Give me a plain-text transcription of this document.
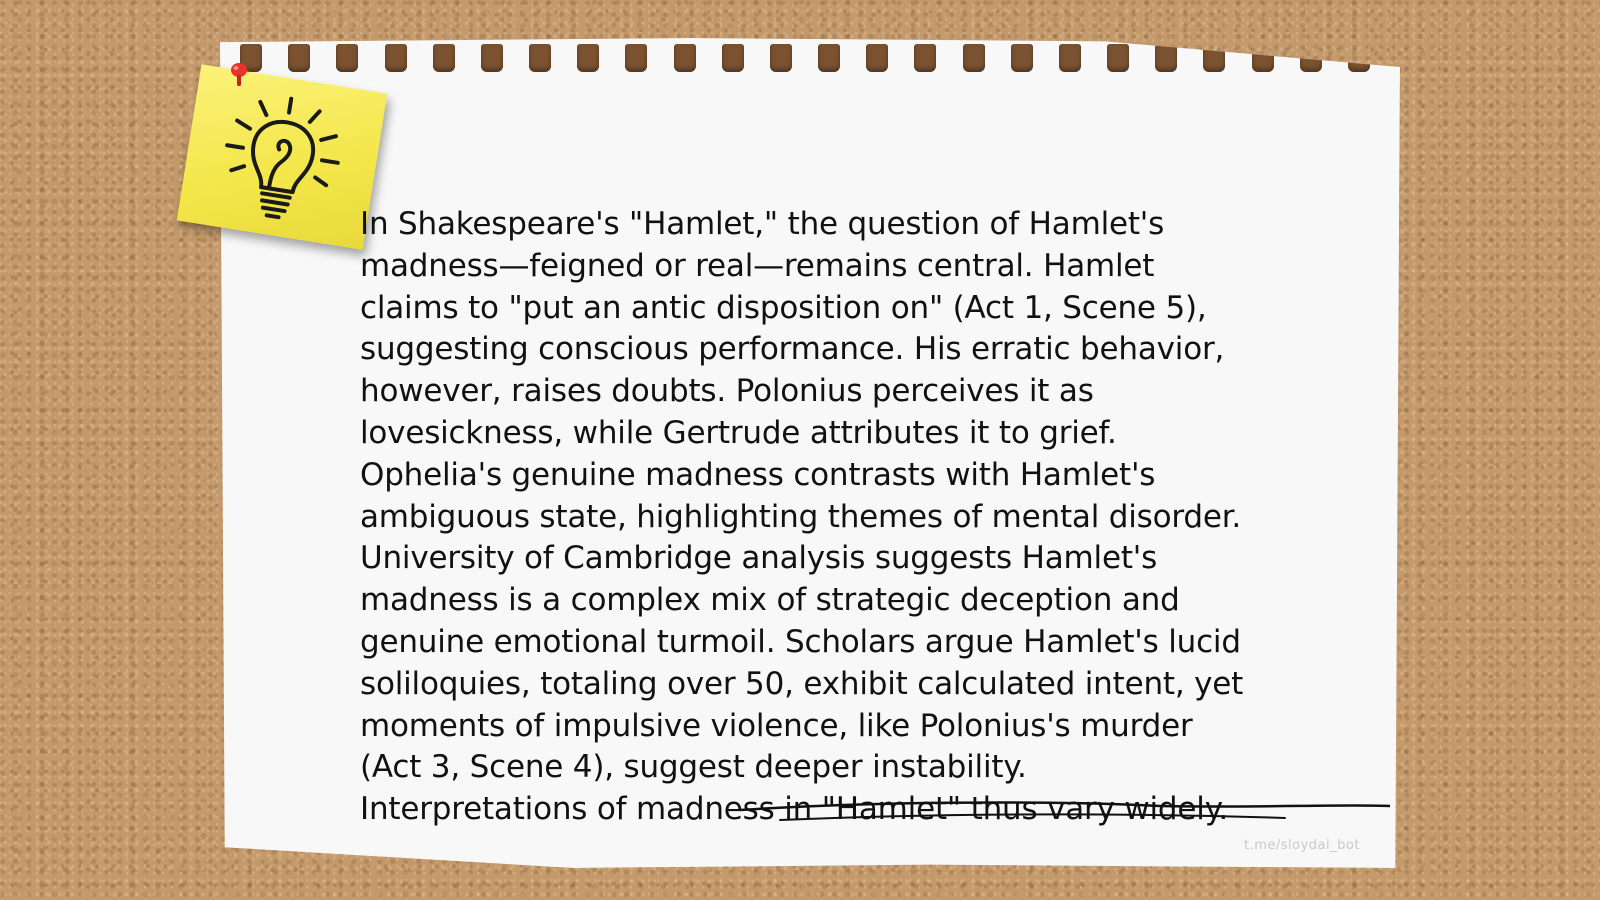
In Shakespeare's "Hamlet," the question of Hamlet's madness—feigned or real—remains central. Hamlet claims to "put an antic disposition on" (Act 1, Scene 5), suggesting conscious performance. His erratic behavior, however, raises doubts. Polonius perceives it as lovesickness, while Gertrude attributes it to grief. Ophelia's genuine madness contrasts with Hamlet's ambiguous state, highlighting themes of mental disorder. University of Cambridge analysis suggests Hamlet's madness is a complex mix of strategic deception and genuine emotional turmoil. Scholars argue Hamlet's lucid soliloquies, totaling over 50, exhibit calculated intent, yet moments of impulsive violence, like Polonius's murder (Act 3, Scene 4), suggest deeper instability. Interpretations of madness in "Hamlet" thus vary widely.

t.me/sloydai_bot
